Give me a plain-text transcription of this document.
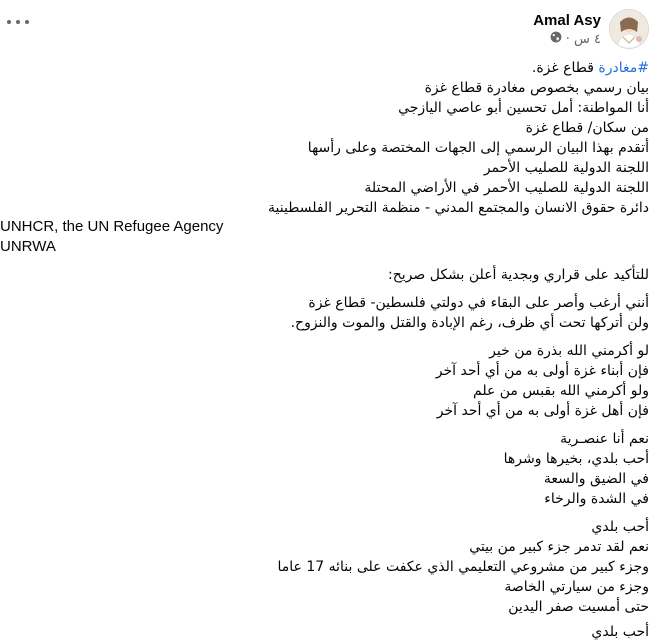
Amal Asy
٤ س ·
#مغادرة قطاع غزة.
بيان رسمي بخصوص مغادرة قطاع غزة
أنا المواطنة: أمل تحسين أبو عاصي اليازجي
من سكان/ قطاع غزة
أتقدم بهذا البيان الرسمي إلى الجهات المختصة وعلى رأسها
اللجنة الدولية للصليب الأحمر
اللجنة الدولية للصليب الأحمر في الأراضي المحتلة
دائرة حقوق الانسان والمجتمع المدني - منظمة التحرير الفلسطينية
UNHCR, the UN Refugee Agency
UNRWA
للتأكيد على قراري وبجدية أعلن بشكل صريح:
أنني أرغب وأصر على البقاء في دولتي فلسطين- قطاع غزة
ولن أتركها تحت أي ظرف، رغم الإبادة والقتل والموت والنزوح.
لو أكرمني الله بذرة من خير
فإن أبناء غزة أولى به من أي أحد آخر
ولو أكرمني الله بقبس من علم
فإن أهل غزة أولى به من أي أحد آخر
نعم أنا عنصـرية
أحب بلدي، بخيرها وشرها
في الضيق والسعة
في الشدة والرخاء
أحب بلدي
نعم لقد تدمر جزء كبير من بيتي
وجزء كبير من مشروعي التعليمي الذي عكفت على بنائه 17 عاما
وجزء من سيارتي الخاصة
حتى أمسيت صفر اليدين
أحب بلدي
